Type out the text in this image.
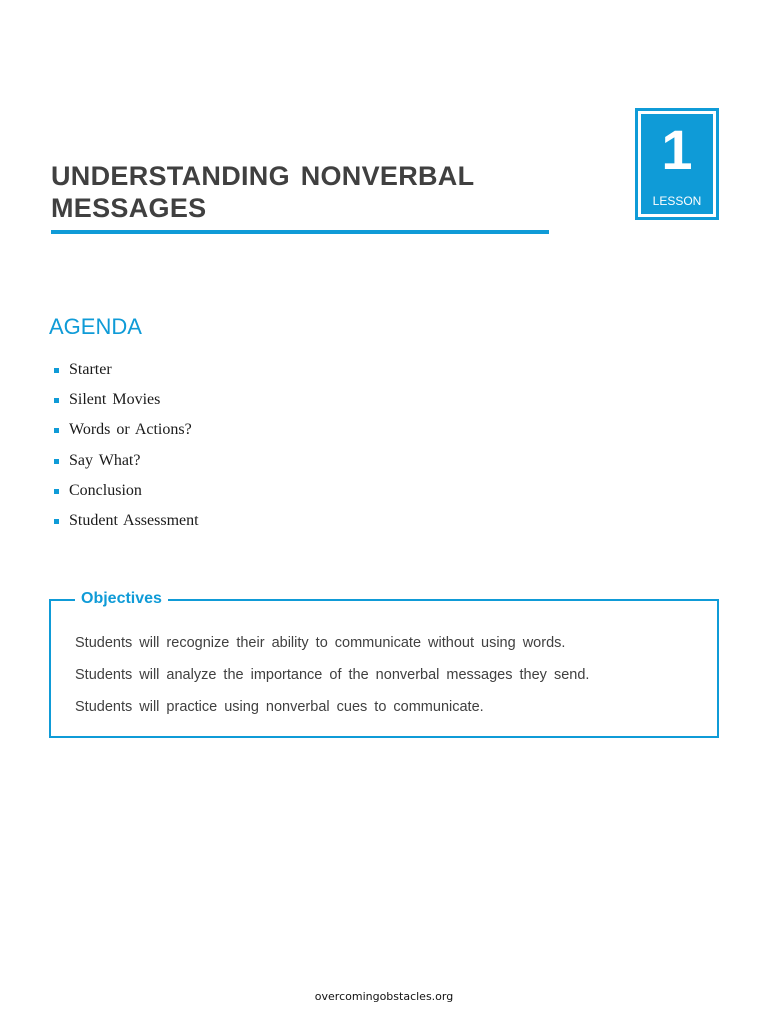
UNDERSTANDING NONVERBAL
MESSAGES
1
LESSON
AGENDA
Starter
Silent Movies
Words or Actions?
Say What?
Conclusion
Student Assessment
Objectives
Students will recognize their ability to communicate without using words.
Students will analyze the importance of the nonverbal messages they send.
Students will practice using nonverbal cues to communicate.
overcomingobstacles.org
